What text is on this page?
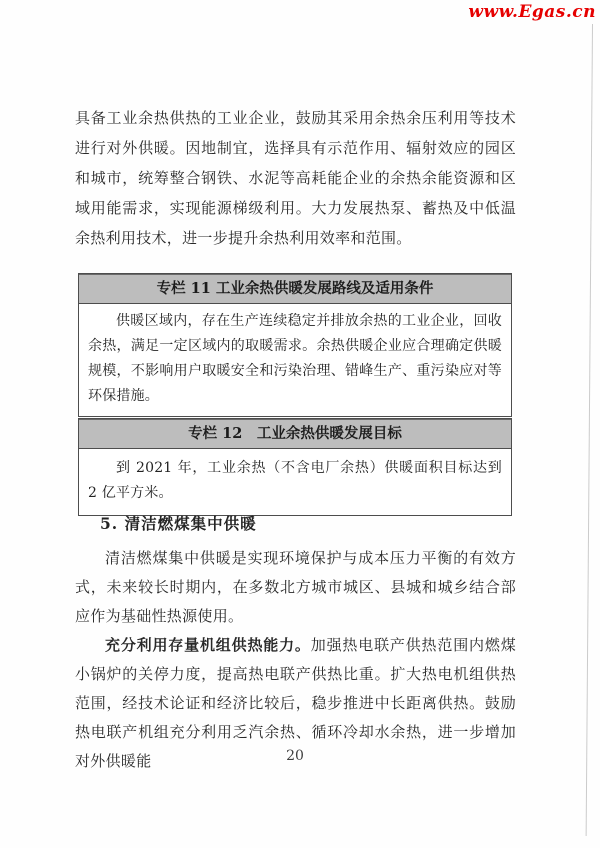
www.Egas.cn
具备工业余热供热的工业企业，鼓励其采用余热余压利用等技术进行对外供暖。因地制宜，选择具有示范作用、辐射效应的园区和城市，统筹整合钢铁、水泥等高耗能企业的余热余能资源和区域用能需求，实现能源梯级利用。大力发展热泵、蓄热及中低温余热利用技术，进一步提升余热利用效率和范围。
专栏 11 工业余热供暖发展路线及适用条件
供暖区域内，存在生产连续稳定并排放余热的工业企业，回收余热，满足一定区域内的取暖需求。余热供暖企业应合理确定供暖规模，不影响用户取暖安全和污染治理、错峰生产、重污染应对等环保措施。
专栏 12　工业余热供暖发展目标
到 2021 年，工业余热（不含电厂余热）供暖面积目标达到 2 亿平方米。
5. 清洁燃煤集中供暖
清洁燃煤集中供暖是实现环境保护与成本压力平衡的有效方式，未来较长时期内，在多数北方城市城区、县城和城乡结合部应作为基础性热源使用。
充分利用存量机组供热能力。加强热电联产供热范围内燃煤小锅炉的关停力度，提高热电联产供热比重。扩大热电机组供热范围，经技术论证和经济比较后，稳步推进中长距离供热。鼓励热电联产机组充分利用乏汽余热、循环冷却水余热，进一步增加对外供暖能	20
